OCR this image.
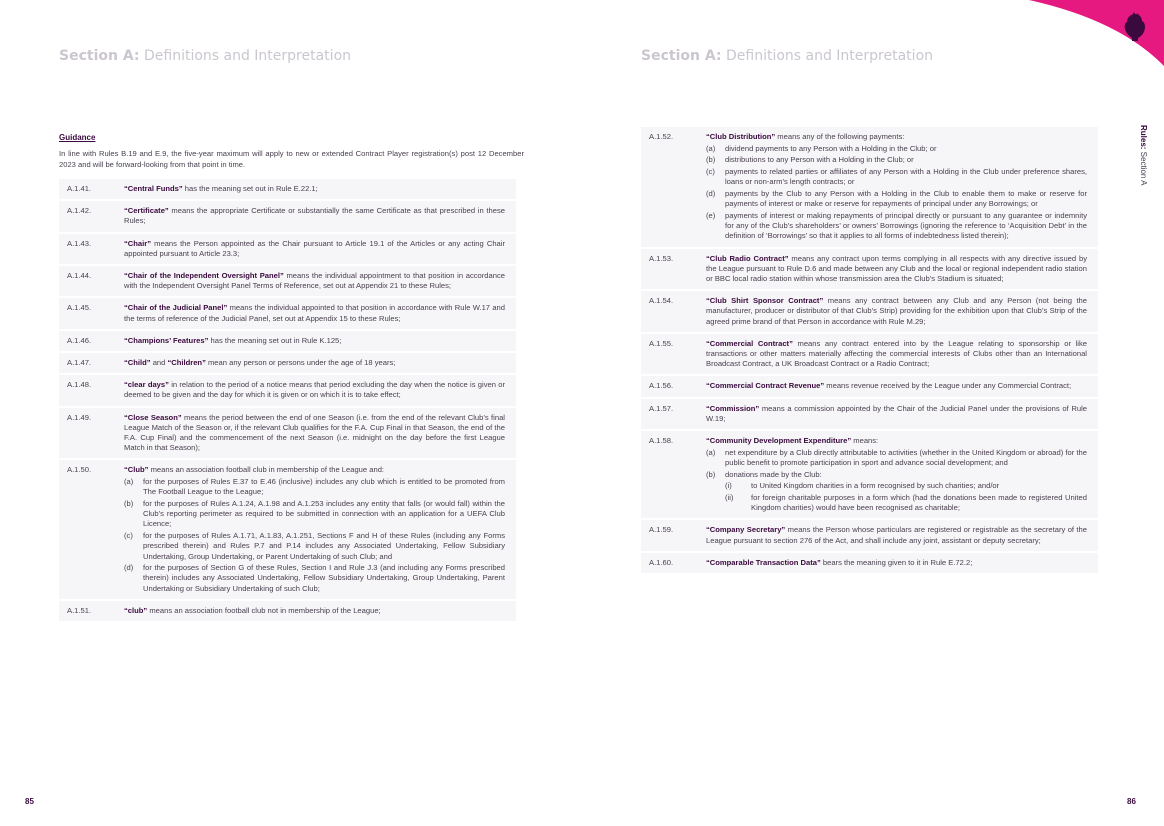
Section A: Definitions and Interpretation

Guidance

In line with Rules B.19 and E.9, the five-year maximum will apply to new or extended Contract Player registration(s) post 12 December 2023 and will be forward-looking from that point in time.

A.1.41.	“Central Funds” has the meaning set out in Rule E.22.1;
A.1.42.	“Certificate” means the appropriate Certificate or substantially the same Certificate as that prescribed in these Rules;
A.1.43.	“Chair” means the Person appointed as the Chair pursuant to Article 19.1 of the Articles or any acting Chair appointed pursuant to Article 23.3;
A.1.44.	“Chair of the Independent Oversight Panel” means the individual appointment to that position in accordance with the Independent Oversight Panel Terms of Reference, set out at Appendix 21 to these Rules;
A.1.45.	“Chair of the Judicial Panel” means the individual appointed to that position in accordance with Rule W.17 and the terms of reference of the Judicial Panel, set out at Appendix 15 to these Rules;
A.1.46.	“Champions’ Features” has the meaning set out in Rule K.125;
A.1.47.	“Child” and “Children” mean any person or persons under the age of 18 years;
A.1.48.	“clear days” in relation to the period of a notice means that period excluding the day when the notice is given or deemed to be given and the day for which it is given or on which it is to take effect;
A.1.49.	“Close Season” means the period between the end of one Season (i.e. from the end of the relevant Club’s final League Match of the Season or, if the relevant Club qualifies for the F.A. Cup Final in that Season, the end of the F.A. Cup Final) and the commencement of the next Season (i.e. midnight on the day before the first League Match in that Season);
A.1.50.	“Club” means an association football club in membership of the League and:
(a)	for the purposes of Rules E.37 to E.46 (inclusive) includes any club which is entitled to be promoted from The Football League to the League;
(b)	for the purposes of Rules A.1.24, A.1.98 and A.1.253 includes any entity that falls (or would fall) within the Club’s reporting perimeter as required to be submitted in connection with an application for a UEFA Club Licence;
(c)	for the purposes of Rules A.1.71, A.1.83, A.1.251, Sections F and H of these Rules (including any Forms prescribed therein) and Rules P.7 and P.14 includes any Associated Undertaking, Fellow Subsidiary Undertaking, Group Undertaking, or Parent Undertaking of such Club; and
(d)	for the purposes of Section G of these Rules, Section I and Rule J.3 (and including any Forms prescribed therein) includes any Associated Undertaking, Fellow Subsidiary Undertaking, Group Undertaking, Parent Undertaking or Subsidiary Undertaking of such Club;
A.1.51.	“club” means an association football club not in membership of the League;
85
Section A: Definitions and Interpretation
Rules: Section A
A.1.52.	“Club Distribution” means any of the following payments:
(a)	dividend payments to any Person with a Holding in the Club; or
(b)	distributions to any Person with a Holding in the Club; or
(c)	payments to related parties or affiliates of any Person with a Holding in the Club under preference shares, loans or non-arm’s length contracts; or
(d)	payments by the Club to any Person with a Holding in the Club to enable them to make or reserve for payments of interest or make or reserve for repayments of principal under any Borrowings; or
(e)	payments of interest or making repayments of principal directly or pursuant to any guarantee or indemnity for any of the Club’s shareholders’ or owners’ Borrowings (ignoring the reference to ‘Acquisition Debt’ in the definition of ‘Borrowings’ so that it applies to all forms of indebtedness listed therein);
A.1.53.	“Club Radio Contract” means any contract upon terms complying in all respects with any directive issued by the League pursuant to Rule D.6 and made between any Club and the local or regional independent radio station or BBC local radio station within whose transmission area the Club’s Stadium is situated;
A.1.54.	“Club Shirt Sponsor Contract” means any contract between any Club and any Person (not being the manufacturer, producer or distributor of that Club’s Strip) providing for the exhibition upon that Club’s Strip of the agreed prime brand of that Person in accordance with Rule M.29;
A.1.55.	“Commercial Contract” means any contract entered into by the League relating to sponsorship or like transactions or other matters materially affecting the commercial interests of Clubs other than an International Broadcast Contract, a UK Broadcast Contract or a Radio Contract;
A.1.56.	“Commercial Contract Revenue” means revenue received by the League under any Commercial Contract;
A.1.57.	“Commission” means a commission appointed by the Chair of the Judicial Panel under the provisions of Rule W.19;
A.1.58.	“Community Development Expenditure” means:
(a)	net expenditure by a Club directly attributable to activities (whether in the United Kingdom or abroad) for the public benefit to promote participation in sport and advance social development; and
(b)	donations made by the Club:
(i)	to United Kingdom charities in a form recognised by such charities; and/or
(ii)	for foreign charitable purposes in a form which (had the donations been made to registered United Kingdom charities) would have been recognised as charitable;
A.1.59.	“Company Secretary” means the Person whose particulars are registered or registrable as the secretary of the League pursuant to section 276 of the Act, and shall include any joint, assistant or deputy secretary;
A.1.60.	“Comparable Transaction Data” bears the meaning given to it in Rule E.72.2;
86
